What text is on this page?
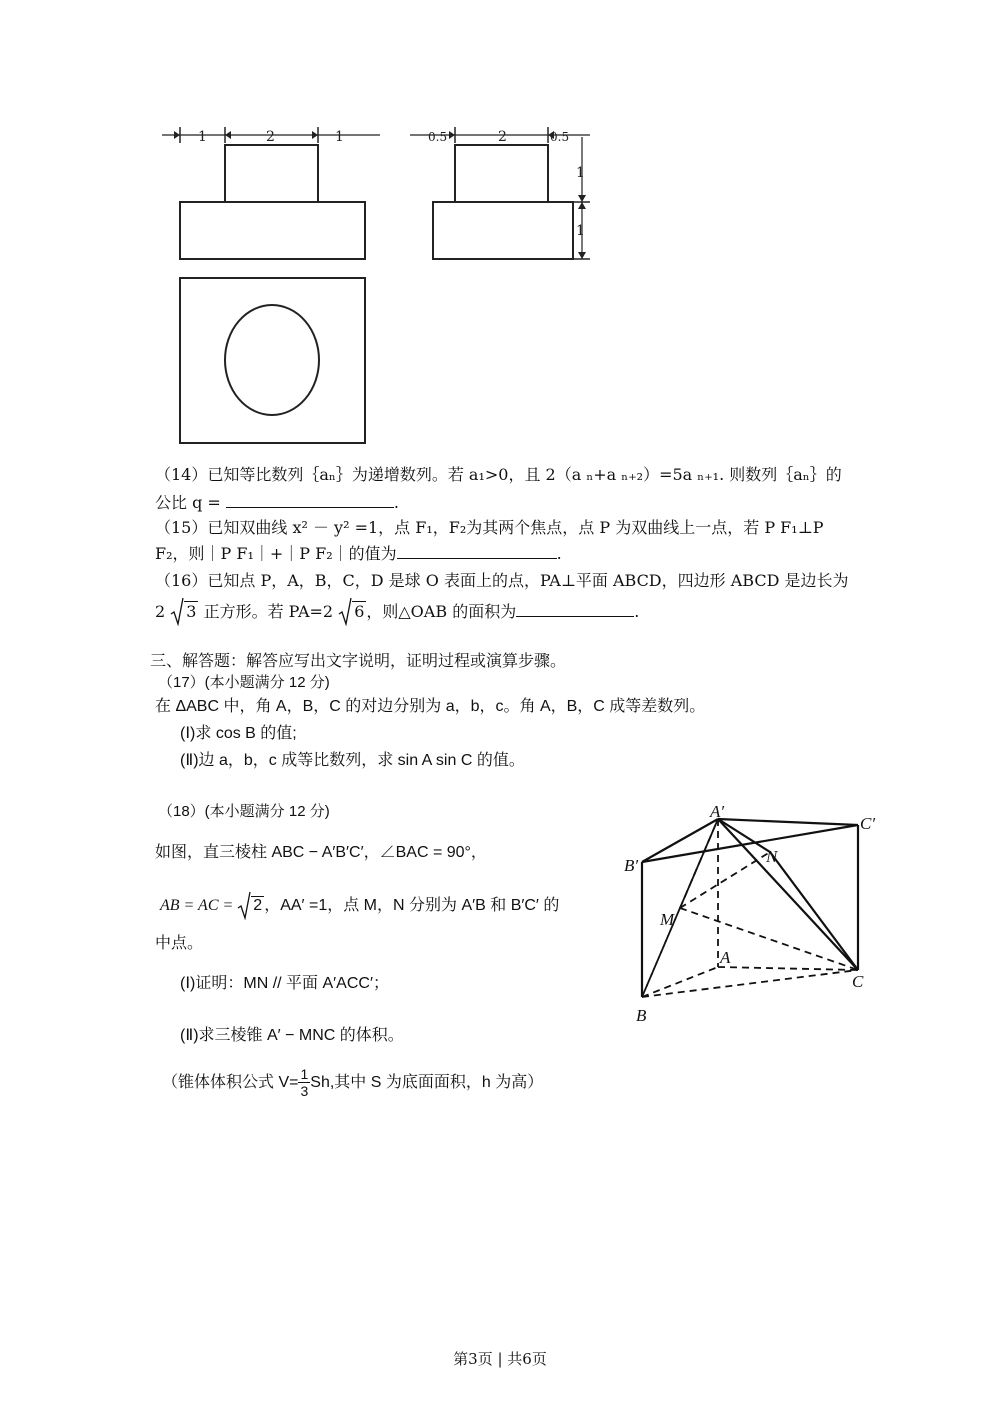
1	2	1	0.5	2	0.5
1
1
（14）已知等比数列｛aₙ｝为递增数列。若 a₁>0，且 2（a ₙ+a ₙ₊₂）=5a ₙ₊₁. 则数列｛aₙ｝的
公比 q =	.
（15）已知双曲线 x² － y² =1，点 F₁，F₂为其两个焦点，点 P 为双曲线上一点，若 P F₁⊥P
F₂，则｜P F₁｜+｜P F₂｜的值为	.
（16）已知点 P，A，B，C，D 是球 O 表面上的点，PA⊥平面 ABCD，四边形 ABCD 是边长为
2 3 正方形。若 PA=2 6 ，则△OAB 的面积为	.
三、解答题：解答应写出文字说明，证明过程或演算步骤。
（17）(本小题满分 12 分)
在 ΔABC 中，角 A，B，C 的对边分别为 a，b，c。角 A，B，C 成等差数列。
(Ⅰ)求 cos B 的值;
(Ⅱ)边 a，b，c 成等比数列，求 sin A sin C 的值。
（18）(本小题满分 12 分)
如图，直三棱柱 ABC − A′B′C′，∠BAC = 90°，
AB = AC =
2 ，AA′ =1，点 M，N 分别为 A′B 和 B′C′ 的
中点。
(Ⅰ)证明：MN // 平面 A′ACC′；
(Ⅱ)求三棱锥 A′ − MNC 的体积。
（锥体体积公式 $V= \frac{1}{3} Sh$,其中 S 为底面面积，h 为高）
A′
C′
B′	N
M
A
C
B
第3页 | 共6页
